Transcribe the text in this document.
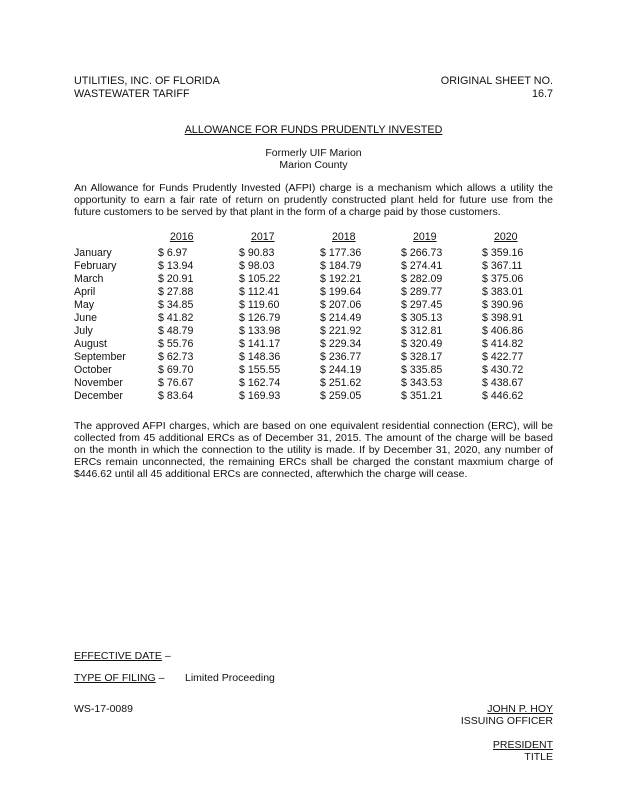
UTILITIES, INC. OF FLORIDA
WASTEWATER TARIFF
ORIGINAL SHEET NO. 16.7
ALLOWANCE FOR FUNDS PRUDENTLY INVESTED
Formerly UIF Marion
Marion County
An Allowance for Funds Prudently Invested (AFPI) charge is a mechanism which allows a utility the opportunity to earn a fair rate of return on prudently constructed plant held for future use from the future customers to be served by that plant in the form of a charge paid by those customers.
	2016	2017	2018	2019	2020
January	$ 6.97	$ 90.83	$ 177.36	$ 266.73	$ 359.16
February	$ 13.94	$ 98.03	$ 184.79	$ 274.41	$ 367.11
March	$ 20.91	$ 105.22	$ 192.21	$ 282.09	$ 375.06
April	$ 27.88	$ 112.41	$ 199.64	$ 289.77	$ 383.01
May	$ 34.85	$ 119.60	$ 207.06	$ 297.45	$ 390.96
June	$ 41.82	$ 126.79	$ 214.49	$ 305.13	$ 398.91
July	$ 48.79	$ 133.98	$ 221.92	$ 312.81	$ 406.86
August	$ 55.76	$ 141.17	$ 229.34	$ 320.49	$ 414.82
September	$ 62.73	$ 148.36	$ 236.77	$ 328.17	$ 422.77
October	$ 69.70	$ 155.55	$ 244.19	$ 335.85	$ 430.72
November	$ 76.67	$ 162.74	$ 251.62	$ 343.53	$ 438.67
December	$ 83.64	$ 169.93	$ 259.05	$ 351.21	$ 446.62
The approved AFPI charges, which are based on one equivalent residential connection (ERC), will be collected from 45 additional ERCs as of December 31, 2015. The amount of the charge will be based on the month in which the connection to the utility is made. If by December 31, 2020, any number of ERCs remain unconnected, the remaining ERCs shall be charged the constant maxmium charge of $446.62 until all 45 additional ERCs are connected, afterwhich the charge will cease.
EFFECTIVE DATE –
TYPE OF FILING – Limited Proceeding
WS-17-0089	JOHN P. HOY
ISSUING OFFICER
PRESIDENT
TITLE
